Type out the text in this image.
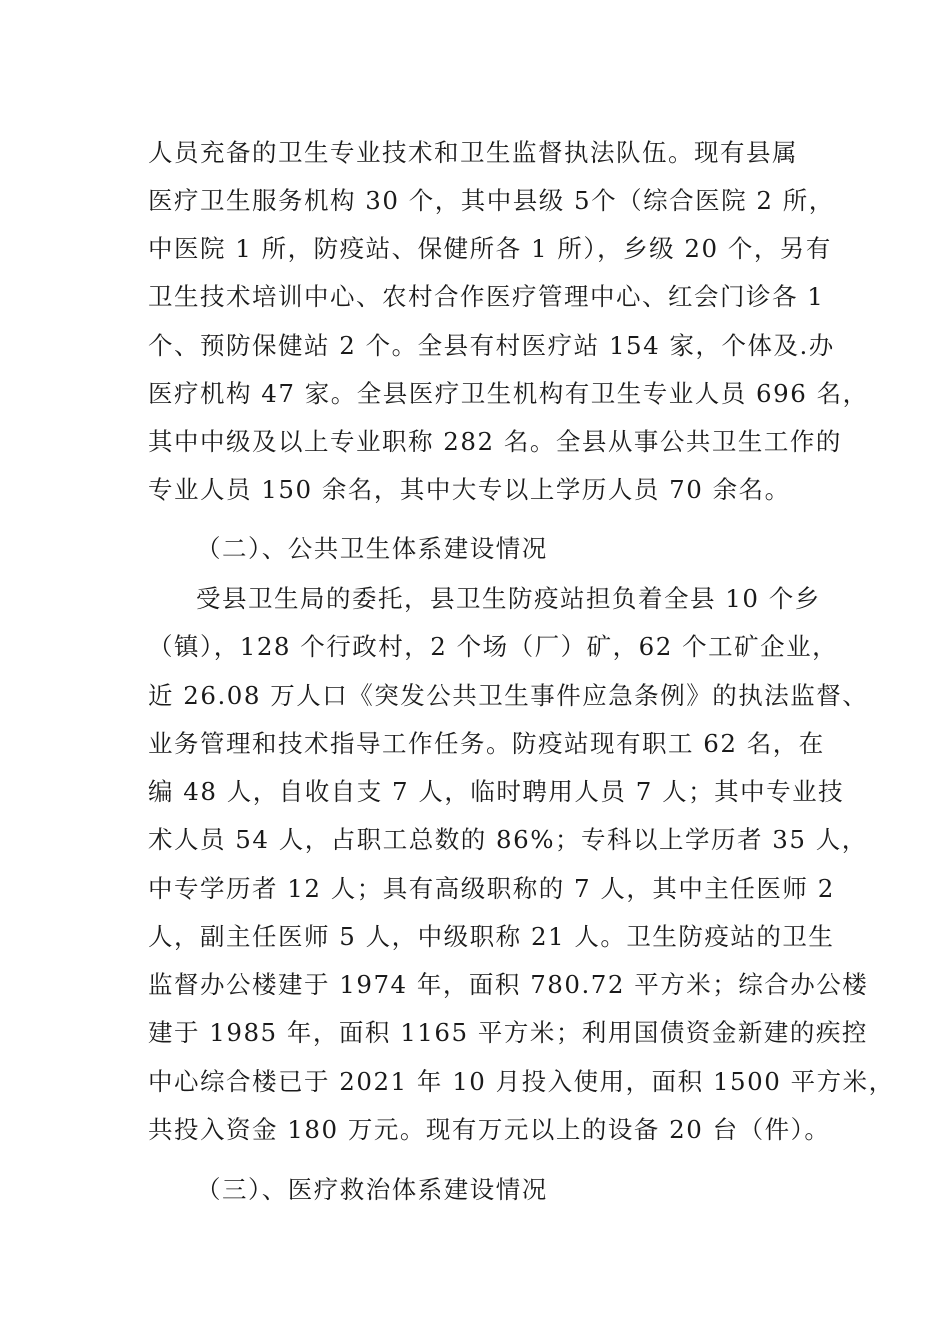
人员充备的卫生专业技术和卫生监督执法队伍。现有县属
医疗卫生服务机构 30 个，其中县级 5个（综合医院 2 所，
中医院 1 所，防疫站、保健所各 1 所），乡级 20 个，另有
卫生技术培训中心、农村合作医疗管理中心、红会门诊各 1
个、预防保健站 2 个。全县有村医疗站 154 家，个体及.办
医疗机构 47 家。全县医疗卫生机构有卫生专业人员 696 名，
其中中级及以上专业职称 282 名。全县从事公共卫生工作的
专业人员 150 余名，其中大专以上学历人员 70 余名。
（二）、公共卫生体系建设情况
受县卫生局的委托，县卫生防疫站担负着全县 10 个乡
（镇），128 个行政村，2 个场（厂）矿，62 个工矿企业，
近 26.08 万人口《突发公共卫生事件应急条例》的执法监督、
业务管理和技术指导工作任务。防疫站现有职工 62 名，在
编 48 人，自收自支 7 人，临时聘用人员 7 人；其中专业技
术人员 54 人，占职工总数的 86%；专科以上学历者 35 人，
中专学历者 12 人；具有高级职称的 7 人，其中主任医师 2
人，副主任医师 5 人，中级职称 21 人。卫生防疫站的卫生
监督办公楼建于 1974 年，面积 780.72 平方米；综合办公楼
建于 1985 年，面积 1165 平方米；利用国债资金新建的疾控
中心综合楼已于 2021 年 10 月投入使用，面积 1500 平方米，
共投入资金 180 万元。现有万元以上的设备 20 台（件）。
（三）、医疗救治体系建设情况
